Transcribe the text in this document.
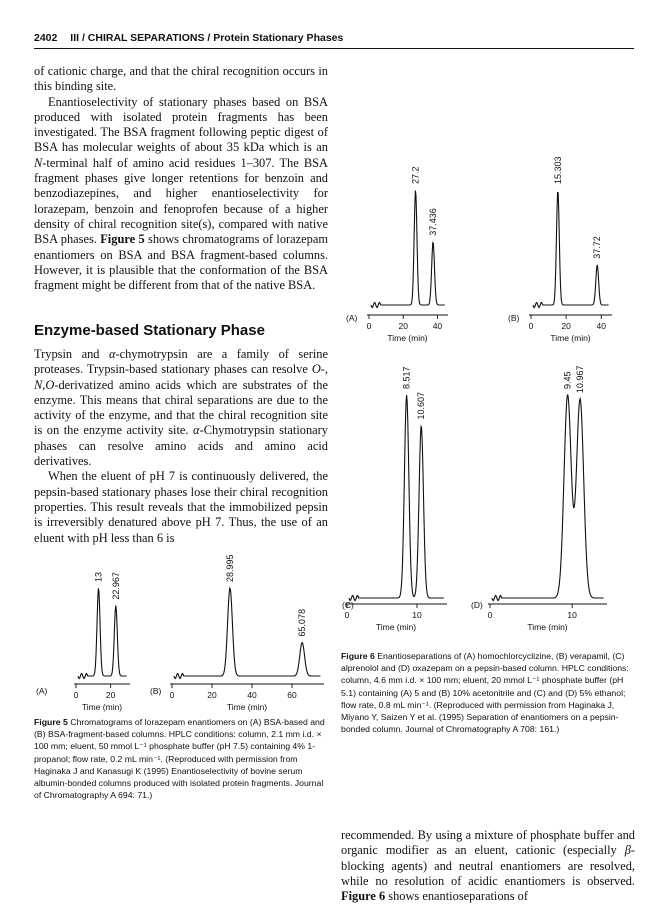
2402 III / CHIRAL SEPARATIONS / Protein Stationary Phases

of cationic charge, and that the chiral recognition occurs in this binding site.

Enantioselectivity of stationary phases based on BSA produced with isolated protein fragments has been investigated. The BSA fragment following peptic digest of BSA has molecular weights of about 35 kDa which is an N-terminal half of amino acid residues 1–307. The BSA fragment phases give longer retentions for benzoin and benzodiazepines, and higher enantioselectivity for lorazepam, benzoin and fenoprofen because of a higher density of chiral recognition site(s), compared with native BSA phases. Figure 5 shows chromatograms of lorazepam enantiomers on BSA and BSA fragment-based columns. However, it is plausible that the conformation of the BSA fragment might be different from that of the native BSA.

Enzyme-based Stationary Phase

Trypsin and α-chymotrypsin are a family of serine proteases. Trypsin-based stationary phases can resolve O-, N,O-derivatized amino acids which are substrates of the enzyme. This means that chiral separations are due to the activity of the enzyme, and that the chiral recognition site is on the enzyme activity site. α-Chymotrypsin stationary phases can resolve amino acids and amino acid derivatives.

When the eluent of pH 7 is continuously delivered, the pepsin-based stationary phases lose their chiral recognition properties. This result reveals that the immobilized pepsin is irreversibly denatured above pH 7. Thus, the use of an eluent with pH less than 6 is

recommended. By using a mixture of phosphate buffer and organic modifier as an eluent, cationic (especially β-blocking agents) and neutral enantiomers are resolved, while no resolution of acidic enantiomers is observed. Figure 6 shows enantioseparations of

27.2
37.436
0	20	40
Time (min)
(A)
15.303
37.72
0	20	40
Time (min)
(B)
8.517
10.607
0	10
Time (min)
(C)
9.45 10.967
0	10
Time (min)
(D)
13 22.967
0	20
Time (min)
(A)
28.995
65.078
0	20	40	60
Time (min)
(B)
Figure 5 Chromatograms of lorazepam enantiomers on (A) BSA-based and (B) BSA-fragment-based columns. HPLC conditions: column, 2.1 mm i.d. × 100 mm; eluent, 50 mmol L⁻¹ phosphate buffer (pH 7.5) containing 4% 1-propanol; flow rate, 0.2 mL min⁻¹. (Reproduced with permission from Haginaka J and Kanasugi K (1995) Enantioselectivity of bovine serum albumin-bonded columns produced with isolated protein fragments. Journal of Chromatography A 694: 71.)
Figure 6 Enantioseparations of (A) homochlorcyclizine, (B) verapamil, (C) alprenolol and (D) oxazepam on a pepsin-based column. HPLC conditions: column, 4.6 mm i.d. × 100 mm; eluent, 20 mmol L⁻¹ phosphate buffer (pH 5.1) containing (A) 5 and (B) 10% acetonitrile and (C) and (D) 5% ethanol; flow rate, 0.8 mL min⁻¹. (Reproduced with permission from Haginaka J, Miyano Y, Saizen Y et al. (1995) Separation of enantiomers on a pepsin-bonded column. Journal of Chromatography A 708: 161.)
